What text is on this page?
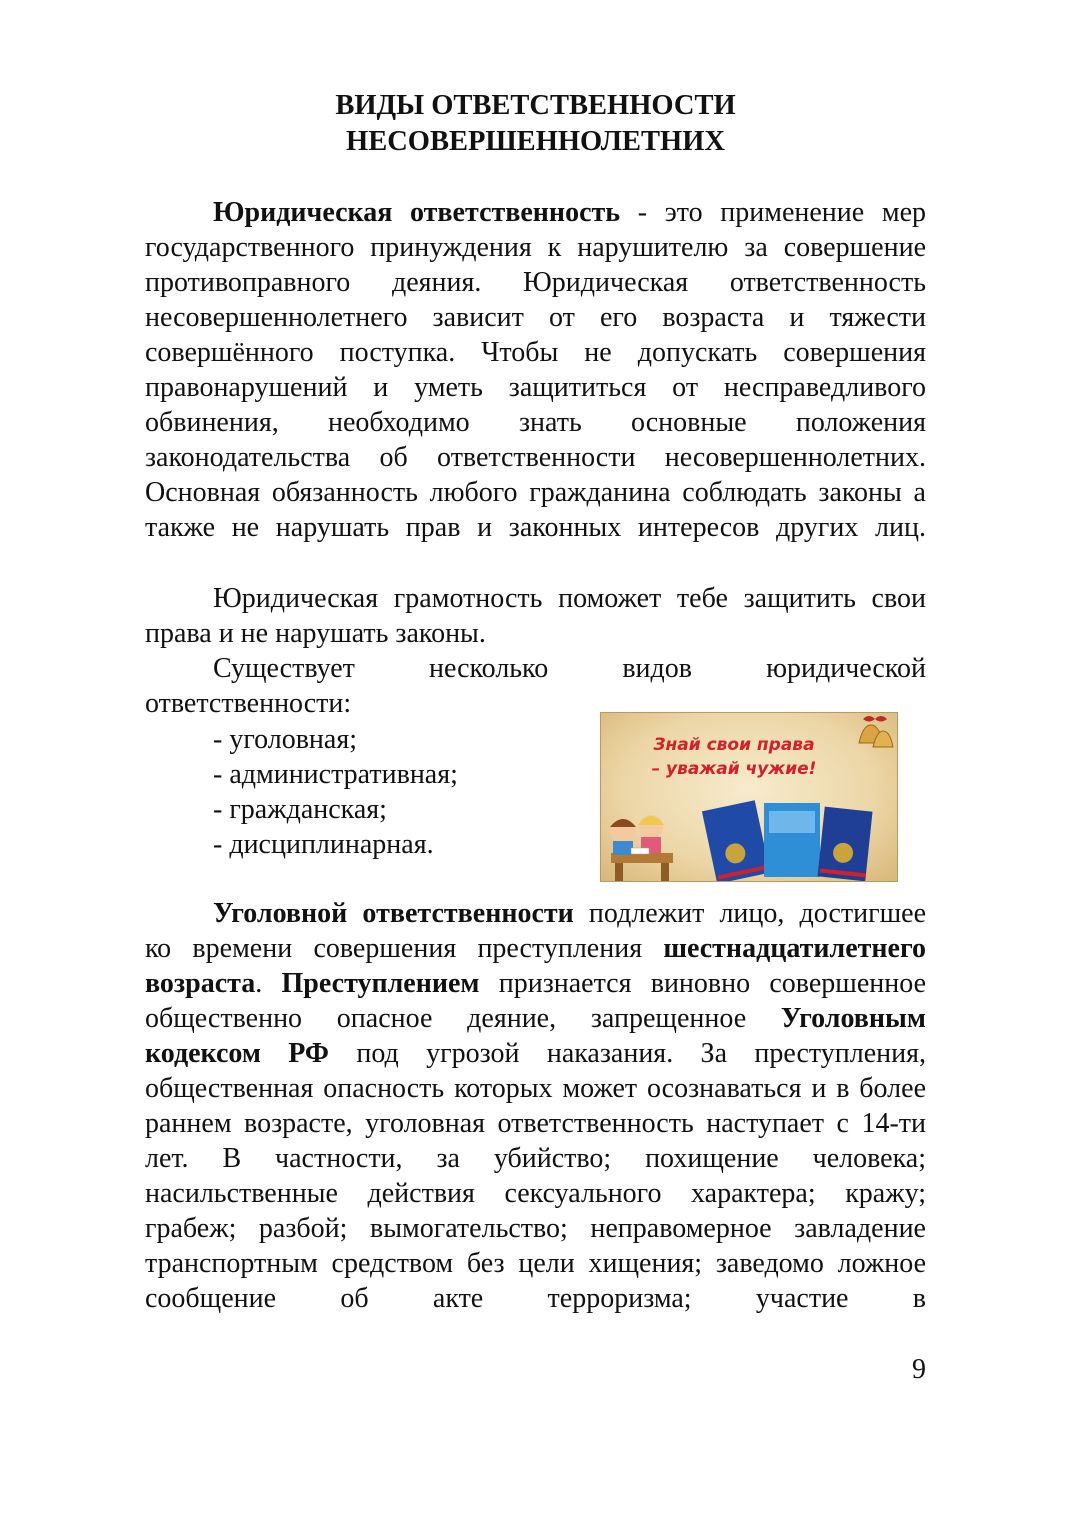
ВИДЫ ОТВЕТСТВЕННОСТИ
НЕСОВЕРШЕННОЛЕТНИХ

Юридическая ответственность - это применение мер государственного принуждения к нарушителю за совершение противоправного деяния. Юридическая ответственность несовершеннолетнего зависит от его возраста и тяжести совершённого поступка. Чтобы не допускать совершения правонарушений и уметь защититься от несправедливого обвинения, необходимо знать основные положения законодательства об ответственности несовершеннолетних. Основная обязанность любого гражданина соблюдать законы а также не нарушать прав и законных интересов других лиц.

Юридическая грамотность поможет тебе защитить свои права и не нарушать законы.

Существует несколько видов юридической ответственности:

- уголовная;
- административная;
- гражданская;
- дисциплинарная.
Знай свои права
– уважай чужие!

Уголовной ответственности подлежит лицо, достигшее ко времени совершения преступления шестнадцатилетнего возраста. Преступлением признается виновно совершенное общественно опасное деяние, запрещенное Уголовным кодексом РФ под угрозой наказания. За преступления, общественная опасность которых может осознаваться и в более раннем возрасте, уголовная ответственность наступает с 14-ти лет. В частности, за убийство; похищение человека; насильственные действия сексуального характера; кражу; грабеж; разбой; вымогательство; неправомерное завладение транспортным средством без цели хищения; заведомо ложное сообщение об акте терроризма; участие в

9
